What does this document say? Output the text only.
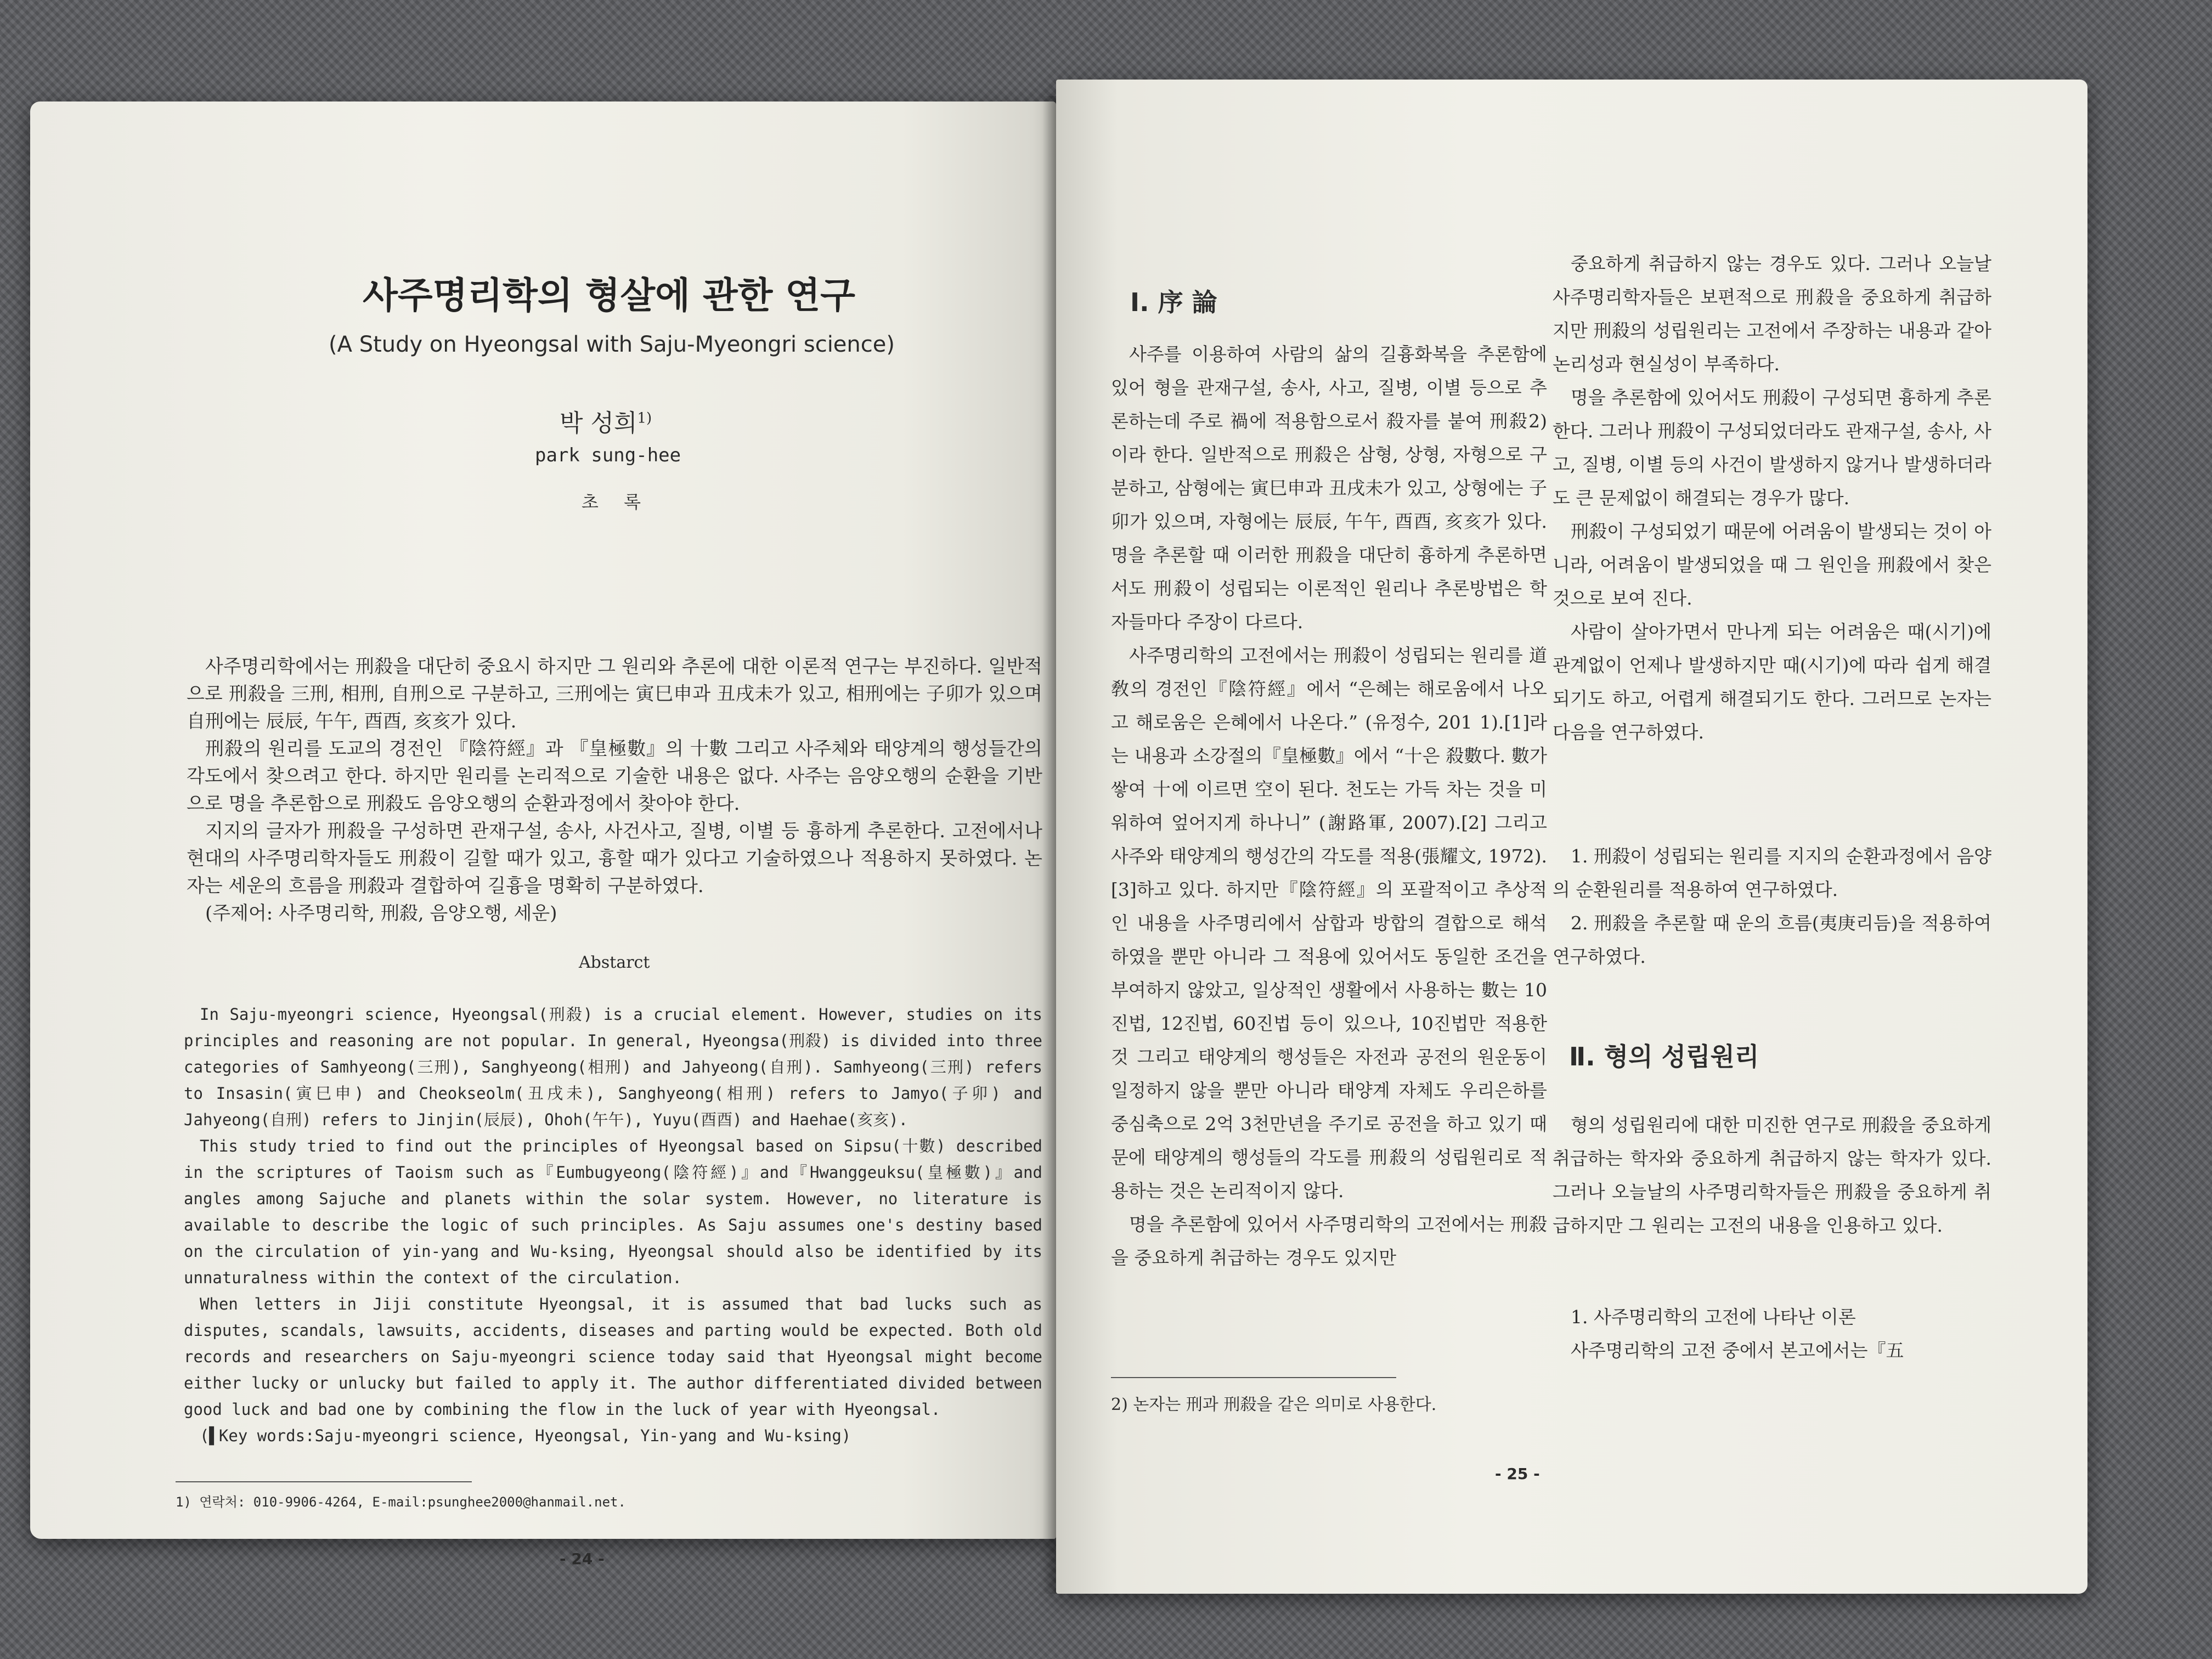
사주명리학의 형살에 관한 연구
(A Study on Hyeongsal with Saju-Myeongri science)
박 성희$^{1)}$
park sung-hee
초 록

사주명리학에서는 刑殺을 대단히 중요시 하지만 그 원리와 추론에 대한 이론적 연구는 부진하다. 일반적으로 刑殺을 三刑, 相刑, 自刑으로 구분하고, 三刑에는 寅巳申과 丑戌未가 있고, 相刑에는 子卯가 있으며 自刑에는 辰辰, 午午, 酉酉, 亥亥가 있다.

刑殺의 원리를 도교의 경전인 『陰符經』과 『皇極數』의 十數 그리고 사주체와 태양계의 행성들간의 각도에서 찾으려고 한다. 하지만 원리를 논리적으로 기술한 내용은 없다. 사주는 음양오행의 순환을 기반으로 명을 추론함으로 刑殺도 음양오행의 순환과정에서 찾아야 한다.

지지의 글자가 刑殺을 구성하면 관재구설, 송사, 사건사고, 질병, 이별 등 흉하게 추론한다. 고전에서나 현대의 사주명리학자들도 刑殺이 길할 때가 있고, 흉할 때가 있다고 기술하였으나 적용하지 못하였다. 논자는 세운의 흐름을 刑殺과 결합하여 길흉을 명확히 구분하였다.

(주제어: 사주명리학, 刑殺, 음양오행, 세운)

Abstarct

In Saju-myeongri science, Hyeongsal(刑殺) is a crucial element. However, studies on its principles and reasoning are not popular. In general, Hyeongsa(刑殺) is divided into three categories of Samhyeong(三刑), Sanghyeong(相刑) and Jahyeong(自刑). Samhyeong(三刑) refers to Insasin(寅巳申) and Cheokseolm(丑戌未), Sanghyeong(相刑) refers to Jamyo(子卯) and Jahyeong(自刑) refers to Jinjin(辰辰), Ohoh(午午), Yuyu(酉酉) and Haehae(亥亥).

This study tried to find out the principles of Hyeongsal based on Sipsu(十數) described in the scriptures of Taoism such as『Eumbugyeong(陰符經)』and『Hwanggeuksu(皇極數)』and angles among Sajuche and planets within the solar system. However, no literature is available to describe the logic of such principles. As Saju assumes one's destiny based on the circulation of yin-yang and Wu-ksing, Hyeongsal should also be identified by its unnaturalness within the context of the circulation.

When letters in Jiji constitute Hyeongsal, it is assumed that bad lucks such as disputes, scandals, lawsuits, accidents, diseases and parting would be expected. Both old records and researchers on Saju-myeongri science today said that Hyeongsal might become either lucky or unlucky but failed to apply it. The author differentiated divided between good luck and bad one by combining the flow in the luck of year with Hyeongsal.

(▌Key words:Saju-myeongri science, Hyeongsal, Yin-yang and Wu-ksing)

1) 연락처: 010-9906-4264, E-mail:psunghee2000@hanmail.net.
- 24 -
Ⅰ. 序 論

사주를 이용하여 사람의 삶의 길흉화복을 추론함에 있어 형을 관재구설, 송사, 사고, 질병, 이별 등으로 추론하는데 주로 禍에 적용함으로서 殺자를 붙여 刑殺2)이라 한다. 일반적으로 刑殺은 삼형, 상형, 자형으로 구분하고, 삼형에는 寅巳申과 丑戌未가 있고, 상형에는 子卯가 있으며, 자형에는 辰辰, 午午, 酉酉, 亥亥가 있다. 명을 추론할 때 이러한 刑殺을 대단히 흉하게 추론하면서도 刑殺이 성립되는 이론적인 원리나 추론방법은 학자들마다 주장이 다르다.

사주명리학의 고전에서는 刑殺이 성립되는 원리를 道敎의 경전인『陰符經』에서 “은혜는 해로움에서 나오고 해로움은 은혜에서 나온다.” (유정수, 201 1).[1]라는 내용과 소강절의『皇極數』에서 “十은 殺數다. 數가 쌓여 十에 이르면 空이 된다. 천도는 가득 차는 것을 미워하여 엎어지게 하나니” (謝路軍, 2007).[2] 그리고 사주와 태양계의 행성간의 각도를 적용(張耀文, 1972). [3]하고 있다. 하지만『陰符經』의 포괄적이고 추상적인 내용을 사주명리에서 삼합과 방합의 결합으로 해석하였을 뿐만 아니라 그 적용에 있어서도 동일한 조건을 부여하지 않았고, 일상적인 생활에서 사용하는 數는 10진법, 12진법, 60진법 등이 있으나, 10진법만 적용한 것 그리고 태양계의 행성들은 자전과 공전의 원운동이 일정하지 않을 뿐만 아니라 태양계 자체도 우리은하를 중심축으로 2억 3천만년을 주기로 공전을 하고 있기 때문에 태양계의 행성들의 각도를 刑殺의 성립원리로 적용하는 것은 논리적이지 않다.

명을 추론함에 있어서 사주명리학의 고전에서는 刑殺을 중요하게 취급하는 경우도 있지만

2) 논자는 刑과 刑殺을 같은 의미로 사용한다.

중요하게 취급하지 않는 경우도 있다. 그러나 오늘날 사주명리학자들은 보편적으로 刑殺을 중요하게 취급하지만 刑殺의 성립원리는 고전에서 주장하는 내용과 같아 논리성과 현실성이 부족하다.

명을 추론함에 있어서도 刑殺이 구성되면 흉하게 추론한다. 그러나 刑殺이 구성되었더라도 관재구설, 송사, 사고, 질병, 이별 등의 사건이 발생하지 않거나 발생하더라도 큰 문제없이 해결되는 경우가 많다.

刑殺이 구성되었기 때문에 어려움이 발생되는 것이 아니라, 어려움이 발생되었을 때 그 원인을 刑殺에서 찾은 것으로 보여 진다.

사람이 살아가면서 만나게 되는 어려움은 때(시기)에 관계없이 언제나 발생하지만 때(시기)에 따라 쉽게 해결되기도 하고, 어렵게 해결되기도 한다. 그러므로 논자는 다음을 연구하였다.

1. 刑殺이 성립되는 원리를 지지의 순환과정에서 음양의 순환원리를 적용하여 연구하였다.

2. 刑殺을 추론할 때 운의 흐름(夷庚리듬)을 적용하여 연구하였다.

Ⅱ. 형의 성립원리

형의 성립원리에 대한 미진한 연구로 刑殺을 중요하게 취급하는 학자와 중요하게 취급하지 않는 학자가 있다. 그러나 오늘날의 사주명리학자들은 刑殺을 중요하게 취급하지만 그 원리는 고전의 내용을 인용하고 있다.

1. 사주명리학의 고전에 나타난 이론

사주명리학의 고전 중에서 본고에서는『五

- 25 -
